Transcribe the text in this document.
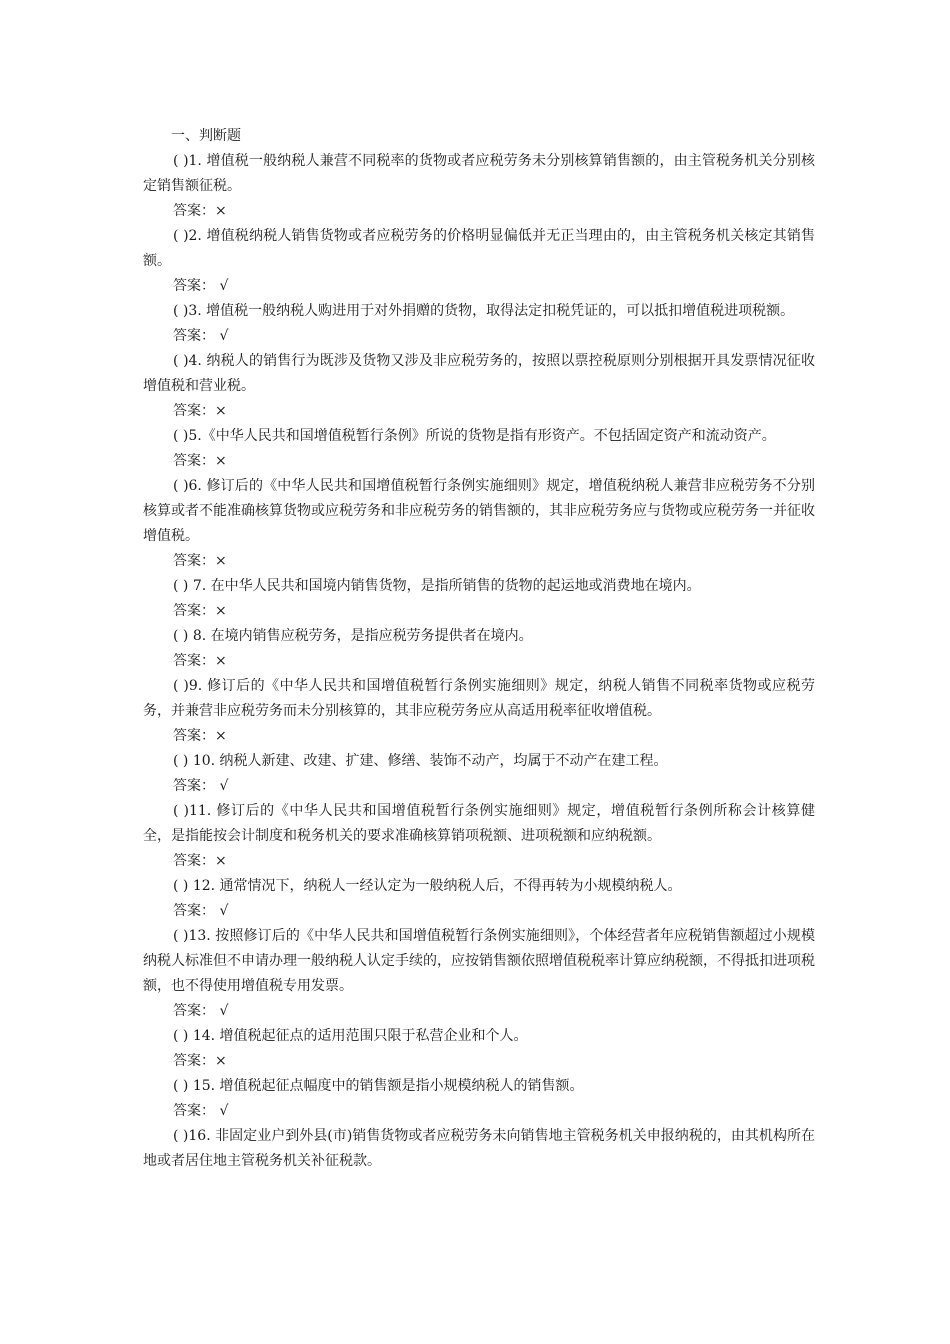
一、判断题

( )1. 增值税一般纳税人兼营不同税率的货物或者应税劳务未分别核算销售额的，由主管税务机关分别核定销售额征税。

答案：×

( )2. 增值税纳税人销售货物或者应税劳务的价格明显偏低并无正当理由的，由主管税务机关核定其销售额。

答案： √

( )3. 增值税一般纳税人购进用于对外捐赠的货物，取得法定扣税凭证的，可以抵扣增值税进项税额。

答案： √

( )4. 纳税人的销售行为既涉及货物又涉及非应税劳务的，按照以票控税原则分别根据开具发票情况征收增值税和营业税。

答案：×

( )5.《中华人民共和国增值税暂行条例》所说的货物是指有形资产。不包括固定资产和流动资产。

答案：×

( )6. 修订后的《中华人民共和国增值税暂行条例实施细则》规定，增值税纳税人兼营非应税劳务不分别核算或者不能准确核算货物或应税劳务和非应税劳务的销售额的，其非应税劳务应与货物或应税劳务一并征收增值税。

答案：×

( ) 7. 在中华人民共和国境内销售货物，是指所销售的货物的起运地或消费地在境内。

答案：×

( ) 8. 在境内销售应税劳务，是指应税劳务提供者在境内。

答案：×

( )9. 修订后的《中华人民共和国增值税暂行条例实施细则》规定，纳税人销售不同税率货物或应税劳务，并兼营非应税劳务而未分别核算的，其非应税劳务应从高适用税率征收增值税。

答案：×

( ) 10. 纳税人新建、改建、扩建、修缮、装饰不动产，均属于不动产在建工程。

答案： √

( )11. 修订后的《中华人民共和国增值税暂行条例实施细则》规定，增值税暂行条例所称会计核算健全，是指能按会计制度和税务机关的要求准确核算销项税额、进项税额和应纳税额。

答案：×

( ) 12. 通常情况下，纳税人一经认定为一般纳税人后，不得再转为小规模纳税人。

答案： √

( )13. 按照修订后的《中华人民共和国增值税暂行条例实施细则》，个体经营者年应税销售额超过小规模纳税人标准但不申请办理一般纳税人认定手续的，应按销售额依照增值税税率计算应纳税额，不得抵扣进项税额，也不得使用增值税专用发票。

答案： √

( ) 14. 增值税起征点的适用范围只限于私营企业和个人。

答案：×

( ) 15. 增值税起征点幅度中的销售额是指小规模纳税人的销售额。

答案： √

( )16. 非固定业户到外县(市)销售货物或者应税劳务未向销售地主管税务机关申报纳税的，由其机构所在地或者居住地主管税务机关补征税款。
